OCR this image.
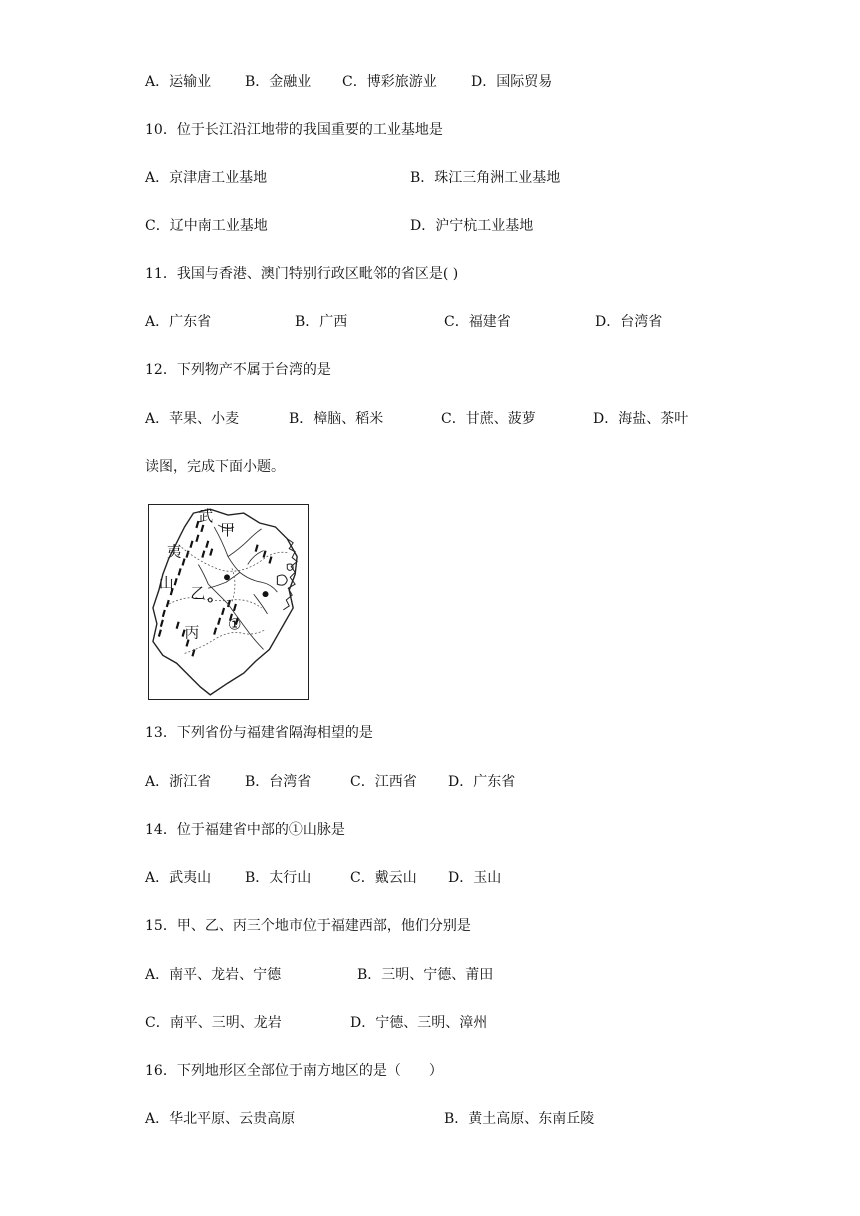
A．运输业 B．金融业 C．博彩旅游业 D．国际贸易
10．位于长江沿江地带的我国重要的工业基地是
A．京津唐工业基地	B．珠江三角洲工业基地
C．辽中南工业基地	D．沪宁杭工业基地
11．我国与香港、澳门特别行政区毗邻的省区是( )
A．广东省	B．广西	C．福建省	D．台湾省
12．下列物产不属于台湾的是
A．苹果、小麦	B．樟脑、稻米	C．甘蔗、菠萝	D．海盐、茶叶
读图，完成下面小题。
武
甲
夷
山
乙
丙 ①
13．下列省份与福建省隔海相望的是
A．浙江省 B．台湾省	C．江西省 D．广东省
14．位于福建省中部的①山脉是
A．武夷山 B．太行山	C．戴云山 D．玉山
15．甲、乙、丙三个地市位于福建西部，他们分别是
A．南平、龙岩、宁德	B．三明、宁德、莆田
C．南平、三明、龙岩	D．宁德、三明、漳州
16．下列地形区全部位于南方地区的是（　　）
A．华北平原、云贵高原	B．黄土高原、东南丘陵
